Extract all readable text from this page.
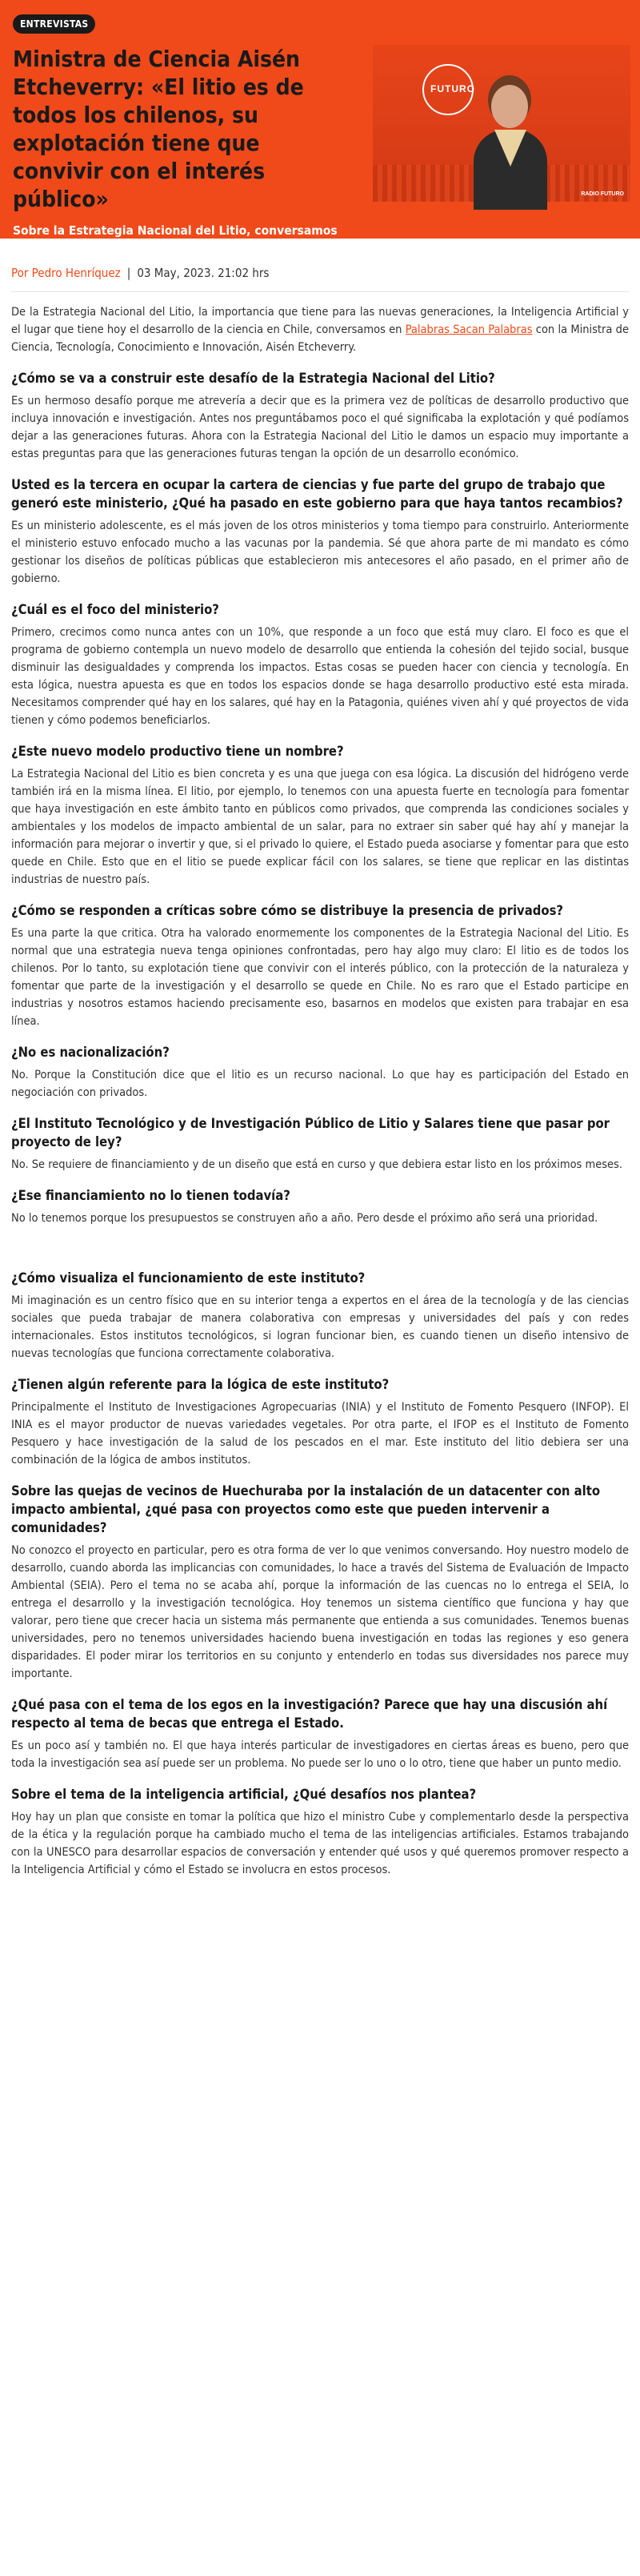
ENTREVISTAS
Ministra de Ciencia Aisén Etcheverry: «El litio es de todos los chilenos, su explotación tiene que convivir con el interés público»
Sobre la Estrategia Nacional del Litio, conversamos esta tarde con la Ministra Aisén Etcheverry, en un nuevo #FuturoPSP.
FUTURO
RADIO FUTURO
Por Pedro Henríquez | 03 May, 2023. 21:02 hrs

De la Estrategia Nacional del Litio, la importancia que tiene para las nuevas generaciones, la Inteligencia Artificial y el lugar que tiene hoy el desarrollo de la ciencia en Chile, conversamos en Palabras Sacan Palabras con la Ministra de Ciencia, Tecnología, Conocimiento e Innovación, Aisén Etcheverry.

¿Cómo se va a construir este desafío de la Estrategia Nacional del Litio?

Es un hermoso desafío porque me atrevería a decir que es la primera vez de políticas de desarrollo productivo que incluya innovación e investigación. Antes nos preguntábamos poco el qué significaba la explotación y qué podíamos dejar a las generaciones futuras. Ahora con la Estrategia Nacional del Litio le damos un espacio muy importante a estas preguntas para que las generaciones futuras tengan la opción de un desarrollo económico.

Usted es la tercera en ocupar la cartera de ciencias y fue parte del grupo de trabajo que generó este ministerio, ¿Qué ha pasado en este gobierno para que haya tantos recambios?

Es un ministerio adolescente, es el más joven de los otros ministerios y toma tiempo para construirlo. Anteriormente el ministerio estuvo enfocado mucho a las vacunas por la pandemia. Sé que ahora parte de mi mandato es cómo gestionar los diseños de políticas públicas que establecieron mis antecesores el año pasado, en el primer año de gobierno.

¿Cuál es el foco del ministerio?

Primero, crecimos como nunca antes con un 10%, que responde a un foco que está muy claro. El foco es que el programa de gobierno contempla un nuevo modelo de desarrollo que entienda la cohesión del tejido social, busque disminuir las desigualdades y comprenda los impactos. Estas cosas se pueden hacer con ciencia y tecnología. En esta lógica, nuestra apuesta es que en todos los espacios donde se haga desarrollo productivo esté esta mirada. Necesitamos comprender qué hay en los salares, qué hay en la Patagonia, quiénes viven ahí y qué proyectos de vida tienen y cómo podemos beneficiarlos.

¿Este nuevo modelo productivo tiene un nombre?

La Estrategia Nacional del Litio es bien concreta y es una que juega con esa lógica. La discusión del hidrógeno verde también irá en la misma línea. El litio, por ejemplo, lo tenemos con una apuesta fuerte en tecnología para fomentar que haya investigación en este ámbito tanto en públicos como privados, que comprenda las condiciones sociales y ambientales y los modelos de impacto ambiental de un salar, para no extraer sin saber qué hay ahí y manejar la información para mejorar o invertir y que, si el privado lo quiere, el Estado pueda asociarse y fomentar para que esto quede en Chile. Esto que en el litio se puede explicar fácil con los salares, se tiene que replicar en las distintas industrias de nuestro país.

¿Cómo se responden a críticas sobre cómo se distribuye la presencia de privados?

Es una parte la que critica. Otra ha valorado enormemente los componentes de la Estrategia Nacional del Litio. Es normal que una estrategia nueva tenga opiniones confrontadas, pero hay algo muy claro: El litio es de todos los chilenos. Por lo tanto, su explotación tiene que convivir con el interés público, con la protección de la naturaleza y fomentar que parte de la investigación y el desarrollo se quede en Chile. No es raro que el Estado participe en industrias y nosotros estamos haciendo precisamente eso, basarnos en modelos que existen para trabajar en esa línea.

¿No es nacionalización?

No. Porque la Constitución dice que el litio es un recurso nacional. Lo que hay es participación del Estado en negociación con privados.

¿El Instituto Tecnológico y de Investigación Público de Litio y Salares tiene que pasar por proyecto de ley?

No. Se requiere de financiamiento y de un diseño que está en curso y que debiera estar listo en los próximos meses.

¿Ese financiamiento no lo tienen todavía?

No lo tenemos porque los presupuestos se construyen año a año. Pero desde el próximo año será una prioridad.

¿Cómo visualiza el funcionamiento de este instituto?

Mi imaginación es un centro físico que en su interior tenga a expertos en el área de la tecnología y de las ciencias sociales que pueda trabajar de manera colaborativa con empresas y universidades del país y con redes internacionales. Estos institutos tecnológicos, si logran funcionar bien, es cuando tienen un diseño intensivo de nuevas tecnologías que funciona correctamente colaborativa.

¿Tienen algún referente para la lógica de este instituto?

Principalmente el Instituto de Investigaciones Agropecuarias (INIA) y el Instituto de Fomento Pesquero (INFOP). El INIA es el mayor productor de nuevas variedades vegetales. Por otra parte, el IFOP es el Instituto de Fomento Pesquero y hace investigación de la salud de los pescados en el mar. Este instituto del litio debiera ser una combinación de la lógica de ambos institutos.

Sobre las quejas de vecinos de Huechuraba por la instalación de un datacenter con alto impacto ambiental, ¿qué pasa con proyectos como este que pueden intervenir a comunidades?

No conozco el proyecto en particular, pero es otra forma de ver lo que venimos conversando. Hoy nuestro modelo de desarrollo, cuando aborda las implicancias con comunidades, lo hace a través del Sistema de Evaluación de Impacto Ambiental (SEIA). Pero el tema no se acaba ahí, porque la información de las cuencas no lo entrega el SEIA, lo entrega el desarrollo y la investigación tecnológica. Hoy tenemos un sistema científico que funciona y hay que valorar, pero tiene que crecer hacia un sistema más permanente que entienda a sus comunidades. Tenemos buenas universidades, pero no tenemos universidades haciendo buena investigación en todas las regiones y eso genera disparidades. El poder mirar los territorios en su conjunto y entenderlo en todas sus diversidades nos parece muy importante.

¿Qué pasa con el tema de los egos en la investigación? Parece que hay una discusión ahí respecto al tema de becas que entrega el Estado.

Es un poco así y también no. El que haya interés particular de investigadores en ciertas áreas es bueno, pero que toda la investigación sea así puede ser un problema. No puede ser lo uno o lo otro, tiene que haber un punto medio.

Sobre el tema de la inteligencia artificial, ¿Qué desafíos nos plantea?

Hoy hay un plan que consiste en tomar la política que hizo el ministro Cube y complementarlo desde la perspectiva de la ética y la regulación porque ha cambiado mucho el tema de las inteligencias artificiales. Estamos trabajando con la UNESCO para desarrollar espacios de conversación y entender qué usos y qué queremos promover respecto a la Inteligencia Artificial y cómo el Estado se involucra en estos procesos.
